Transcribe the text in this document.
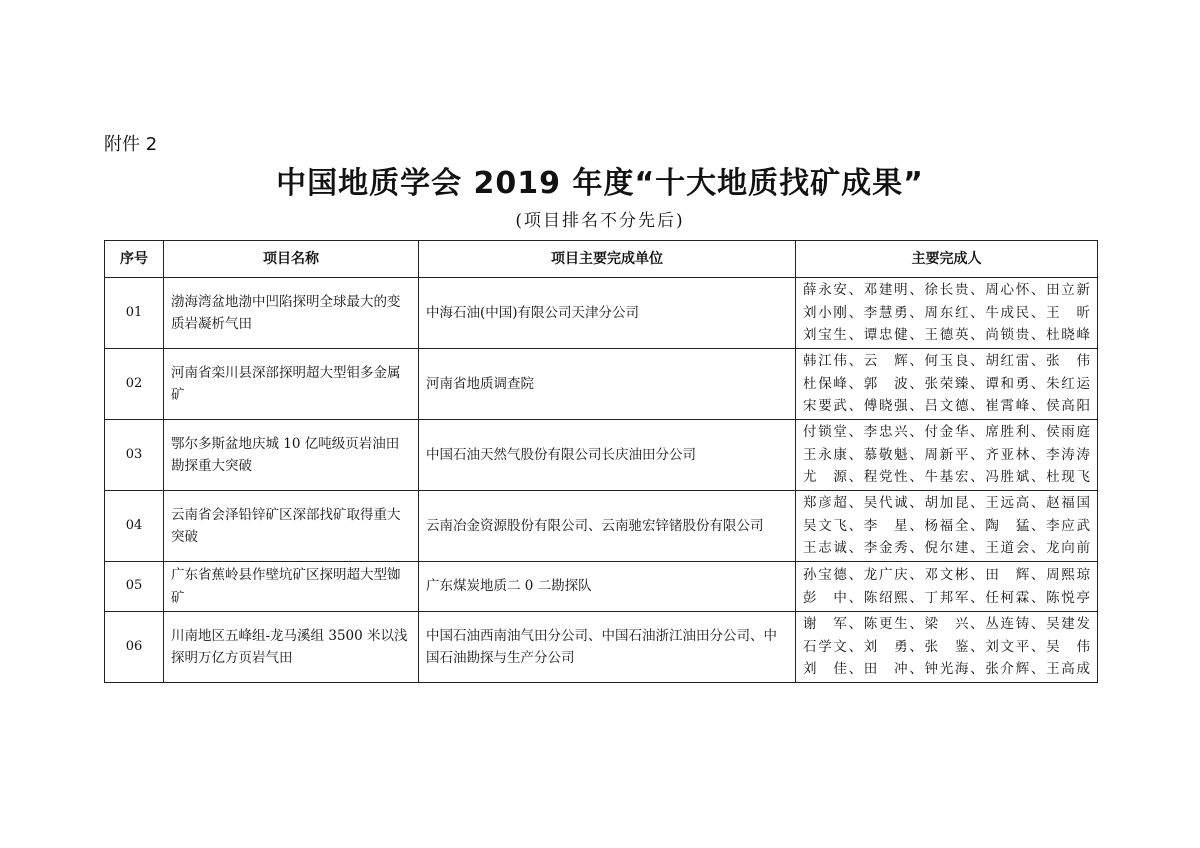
附件 2
中国地质学会 2019 年度“十大地质找矿成果”
(项目排名不分先后)
序号	项目名称	项目主要完成单位	主要完成人
01	渤海湾盆地渤中凹陷探明全球最大的变质岩凝析气田	中海石油(中国)有限公司天津分公司	薛永安、邓建明、徐长贵、周心怀、田立新
刘小刚、李慧勇、周东红、牛成民、王　昕
刘宝生、谭忠健、王德英、尚锁贵、杜晓峰

02	河南省栾川县深部探明超大型钼多金属矿	河南省地质调查院	韩江伟、云　辉、何玉良、胡红雷、张　伟
杜保峰、郭　波、张荣臻、谭和勇、朱红运
宋要武、傅晓强、吕文德、崔霄峰、侯高阳

03	鄂尔多斯盆地庆城 10 亿吨级页岩油田勘探重大突破	中国石油天然气股份有限公司长庆油田分公司	付锁堂、李忠兴、付金华、席胜利、侯雨庭
王永康、慕敬魁、周新平、齐亚林、李涛涛
尤　源、程党性、牛基宏、冯胜斌、杜现飞

04	云南省会泽铅锌矿区深部找矿取得重大突破	云南冶金资源股份有限公司、云南驰宏锌锗股份有限公司	郑彦超、吴代诚、胡加昆、王远高、赵福国
吴文飞、李　星、杨福全、陶　猛、李应武
王志诚、李金秀、倪尔建、王道会、龙向前

05	广东省蕉岭县作壁坑矿区探明超大型铷矿	广东煤炭地质二 0 二勘探队	孙宝德、龙广庆、邓文彬、田　辉、周熙琼
彭　中、陈绍熙、丁邦军、任柯霖、陈悦亭

06	川南地区五峰组-龙马溪组 3500 米以浅探明万亿方页岩气田	中国石油西南油气田分公司、中国石油浙江油田分公司、中国石油勘探与生产分公司	谢　军、陈更生、梁　兴、丛连铸、吴建发
石学文、刘　勇、张　鉴、刘文平、吴　伟
刘　佳、田　冲、钟光海、张介辉、王高成
